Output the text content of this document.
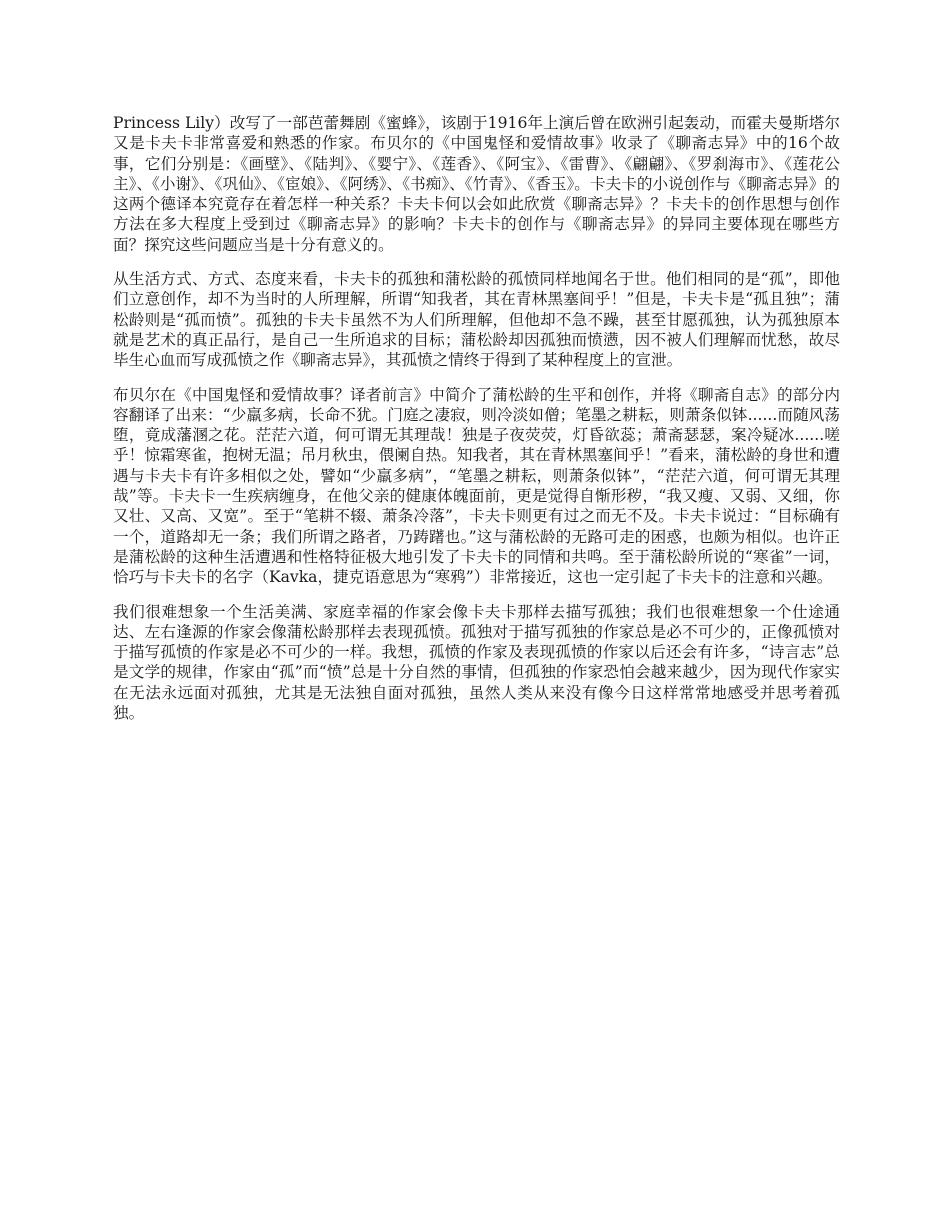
Princess Lily）改写了一部芭蕾舞剧《蜜蜂》，该剧于1916年上演后曾在欧洲引起轰动，而霍夫曼斯塔尔又是卡夫卡非常喜爱和熟悉的作家。布贝尔的《中国鬼怪和爱情故事》收录了《聊斋志异》中的16个故事，它们分别是：《画壁》、《陆判》、《婴宁》、《莲香》、《阿宝》、《雷曹》、《翩翩》、《罗刹海市》、《莲花公主》、《小谢》、《巩仙》、《宦娘》、《阿绣》、《书痴》、《竹青》、《香玉》。卡夫卡的小说创作与《聊斋志异》的这两个德译本究竟存在着怎样一种关系？卡夫卡何以会如此欣赏《聊斋志异》？卡夫卡的创作思想与创作方法在多大程度上受到过《聊斋志异》的影响？卡夫卡的创作与《聊斋志异》的异同主要体现在哪些方面？探究这些问题应当是十分有意义的。

从生活方式、方式、态度来看，卡夫卡的孤独和蒲松龄的孤愤同样地闻名于世。他们相同的是“孤”，即他们立意创作，却不为当时的人所理解，所谓“知我者，其在青林黑塞间乎！”但是，卡夫卡是“孤且独”；蒲松龄则是“孤而愤”。孤独的卡夫卡虽然不为人们所理解，但他却不急不躁，甚至甘愿孤独，认为孤独原本就是艺术的真正品行，是自己一生所追求的目标；蒲松龄却因孤独而愤懑，因不被人们理解而忧愁，故尽毕生心血而写成孤愤之作《聊斋志异》，其孤愤之情终于得到了某种程度上的宣泄。

布贝尔在《中国鬼怪和爱情故事？译者前言》中简介了蒲松龄的生平和创作，并将《聊斋自志》的部分内容翻译了出来：“少羸多病，长命不犹。门庭之凄寂，则冷淡如僧；笔墨之耕耘，则萧条似钵......而随风荡堕，竟成藩溷之花。茫茫六道，何可谓无其理哉！独是子夜荧荧，灯昏欲蕊；萧斋瑟瑟，案冷疑冰......嗟乎！惊霜寒雀，抱树无温；吊月秋虫，偎阑自热。知我者，其在青林黑塞间乎！”看来，蒲松龄的身世和遭遇与卡夫卡有许多相似之处，譬如“少羸多病”，“笔墨之耕耘，则萧条似钵”，“茫茫六道，何可谓无其理哉”等。卡夫卡一生疾病缠身，在他父亲的健康体魄面前，更是觉得自惭形秽，“我又瘦、又弱、又细，你又壮、又高、又宽”。至于“笔耕不辍、萧条冷落”，卡夫卡则更有过之而无不及。卡夫卡说过：“目标确有一个，道路却无一条；我们所谓之路者，乃踌躇也。”这与蒲松龄的无路可走的困惑，也颇为相似。也许正是蒲松龄的这种生活遭遇和性格特征极大地引发了卡夫卡的同情和共鸣。至于蒲松龄所说的“寒雀”一词，恰巧与卡夫卡的名字（Kavka，捷克语意思为“寒鸦”）非常接近，这也一定引起了卡夫卡的注意和兴趣。

我们很难想象一个生活美满、家庭幸福的作家会像卡夫卡那样去描写孤独；我们也很难想象一个仕途通达、左右逢源的作家会像蒲松龄那样去表现孤愤。孤独对于描写孤独的作家总是必不可少的，正像孤愤对于描写孤愤的作家是必不可少的一样。我想，孤愤的作家及表现孤愤的作家以后还会有许多，“诗言志”总是文学的规律，作家由“孤”而“愤”总是十分自然的事情，但孤独的作家恐怕会越来越少，因为现代作家实在无法永远面对孤独，尤其是无法独自面对孤独，虽然人类从来没有像今日这样常常地感受并思考着孤独。
